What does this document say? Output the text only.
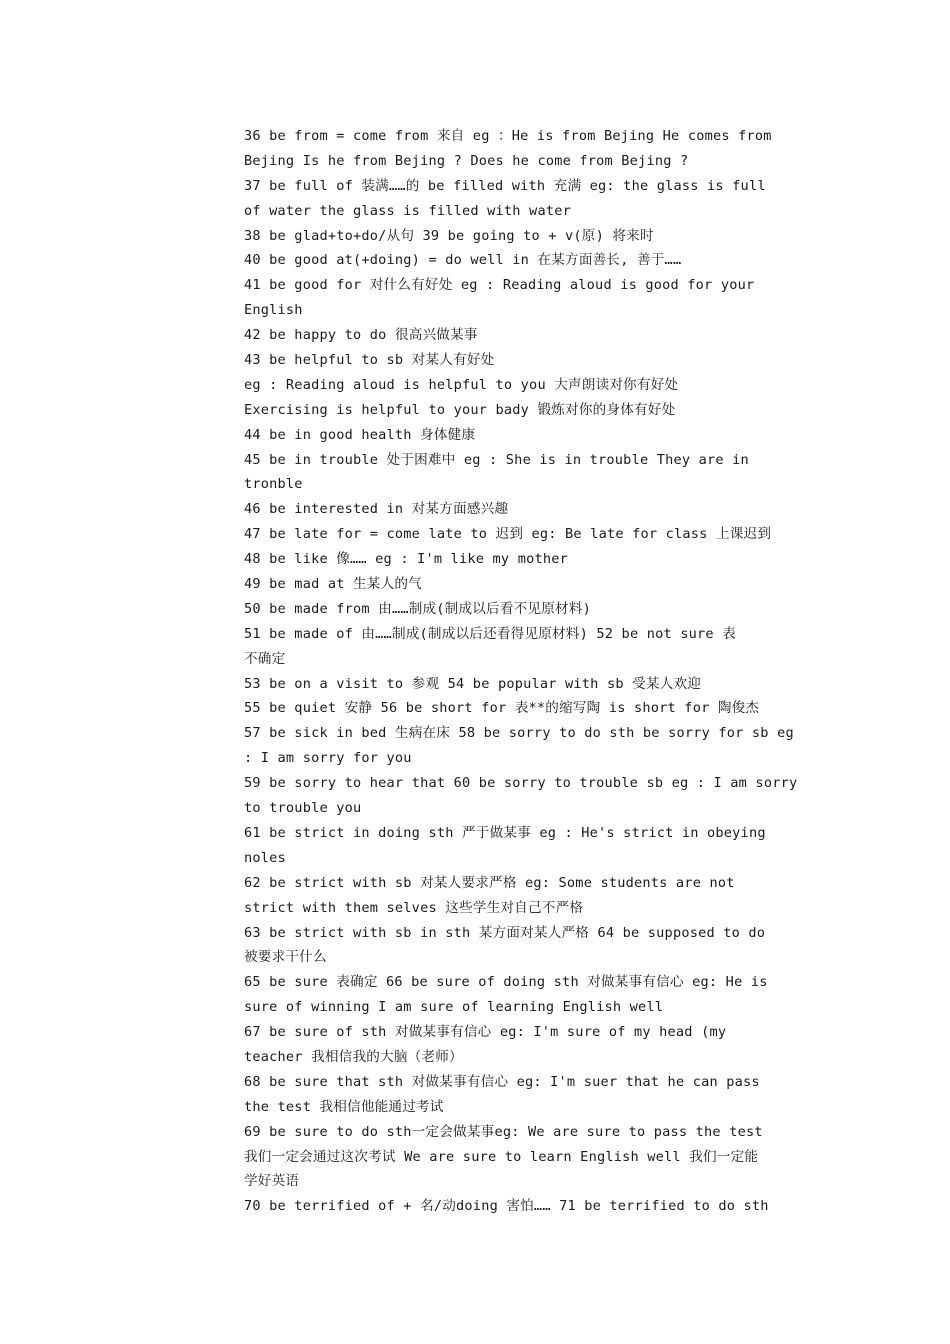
36 be from = come from 来自 eg ：He is from Bejing He comes from
Bejing Is he from Bejing ? Does he come from Bejing ?
37 be full of 装满……的 be filled with 充满 eg: the glass is full
of water the glass is filled with water
38 be glad+to+do/从句 39 be going to + v(原) 将来时
40 be good at(+doing) = do well in 在某方面善长, 善于……
41 be good for 对什么有好处 eg : Reading aloud is good for your
English
42 be happy to do 很高兴做某事
43 be helpful to sb 对某人有好处
eg : Reading aloud is helpful to you 大声朗读对你有好处
Exercising is helpful to your bady 锻炼对你的身体有好处
44 be in good health 身体健康
45 be in trouble 处于困难中 eg : She is in trouble They are in
tronble
46 be interested in 对某方面感兴趣
47 be late for = come late to 迟到 eg: Be late for class 上课迟到
48 be like 像…… eg : I'm like my mother
49 be mad at 生某人的气
50 be made from 由……制成(制成以后看不见原材料)
51 be made of 由……制成(制成以后还看得见原材料) 52 be not sure 表
不确定
53 be on a visit to 参观 54 be popular with sb 受某人欢迎
55 be quiet 安静 56 be short for 表**的缩写陶 is short for 陶俊杰
57 be sick in bed 生病在床 58 be sorry to do sth be sorry for sb eg
: I am sorry for you
59 be sorry to hear that 60 be sorry to trouble sb eg : I am sorry
to trouble you
61 be strict in doing sth 严于做某事 eg : He's strict in obeying
noles
62 be strict with sb 对某人要求严格 eg: Some students are not
strict with them selves 这些学生对自己不严格
63 be strict with sb in sth 某方面对某人严格 64 be supposed to do
被要求干什么
65 be sure 表确定 66 be sure of doing sth 对做某事有信心 eg: He is
sure of winning I am sure of learning English well
67 be sure of sth 对做某事有信心 eg: I'm sure of my head (my
teacher 我相信我的大脑（老师）
68 be sure that sth 对做某事有信心 eg: I'm suer that he can pass
the test 我相信他能通过考试
69 be sure to do sth一定会做某事eg: We are sure to pass the test
我们一定会通过这次考试 We are sure to learn English well 我们一定能
学好英语
70 be terrified of + 名/动doing 害怕…… 71 be terrified to do sth
